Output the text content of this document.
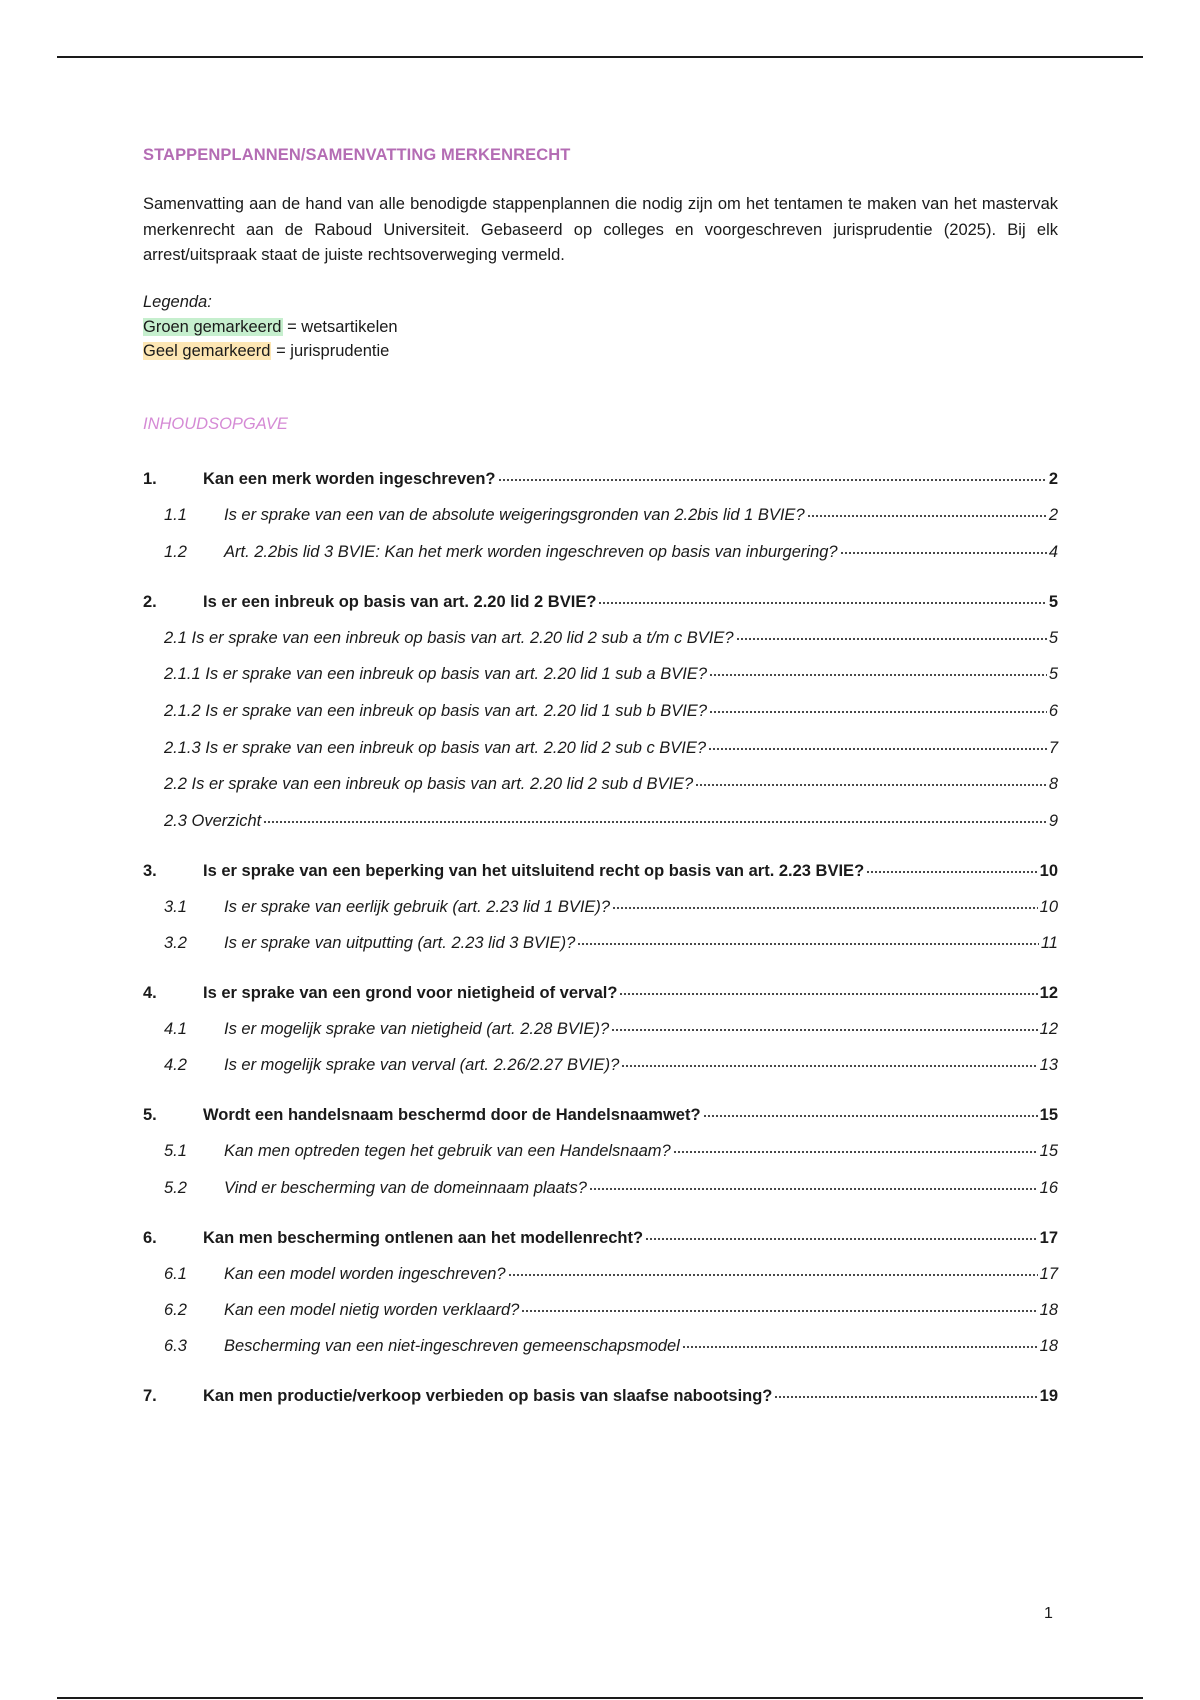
STAPPENPLANNEN/SAMENVATTING MERKENRECHT
Samenvatting aan de hand van alle benodigde stappenplannen die nodig zijn om het tentamen te maken van het mastervak merkenrecht aan de Raboud Universiteit. Gebaseerd op colleges en voorgeschreven jurisprudentie (2025). Bij elk arrest/uitspraak staat de juiste rechtsoverweging vermeld.
Legenda:
Groen gemarkeerd = wetsartikelen
Geel gemarkeerd = jurisprudentie
INHOUDSOPGAVE
1.	Kan een merk worden ingeschreven?	2
1.1	Is er sprake van een van de absolute weigeringsgronden van 2.2bis lid 1 BVIE?	2
1.2	Art. 2.2bis lid 3 BVIE: Kan het merk worden ingeschreven op basis van inburgering?	4
2.	Is er een inbreuk op basis van art. 2.20 lid 2 BVIE?	5
2.1 Is er sprake van een inbreuk op basis van art. 2.20 lid 2 sub a t/m c BVIE?	5
2.1.1 Is er sprake van een inbreuk op basis van art. 2.20 lid 1 sub a BVIE?	5
2.1.2 Is er sprake van een inbreuk op basis van art. 2.20 lid 1 sub b BVIE?	6
2.1.3 Is er sprake van een inbreuk op basis van art. 2.20 lid 2 sub c BVIE?	7
2.2 Is er sprake van een inbreuk op basis van art. 2.20 lid 2 sub d BVIE?	8
2.3 Overzicht	9
3.	Is er sprake van een beperking van het uitsluitend recht op basis van art. 2.23 BVIE?	10
3.1	Is er sprake van eerlijk gebruik (art. 2.23 lid 1 BVIE)?	10
3.2	Is er sprake van uitputting (art. 2.23 lid 3 BVIE)?	11
4.	Is er sprake van een grond voor nietigheid of verval?	12
4.1	Is er mogelijk sprake van nietigheid (art. 2.28 BVIE)?	12
4.2	Is er mogelijk sprake van verval (art. 2.26/2.27 BVIE)?	13
5.	Wordt een handelsnaam beschermd door de Handelsnaamwet?	15
5.1	Kan men optreden tegen het gebruik van een Handelsnaam?	15
5.2	Vind er bescherming van de domeinnaam plaats?	16
6.	Kan men bescherming ontlenen aan het modellenrecht?	17
6.1	Kan een model worden ingeschreven?	17
6.2	Kan een model nietig worden verklaard?	18
6.3	Bescherming van een niet-ingeschreven gemeenschapsmodel	18
7.	Kan men productie/verkoop verbieden op basis van slaafse nabootsing?	19
1
